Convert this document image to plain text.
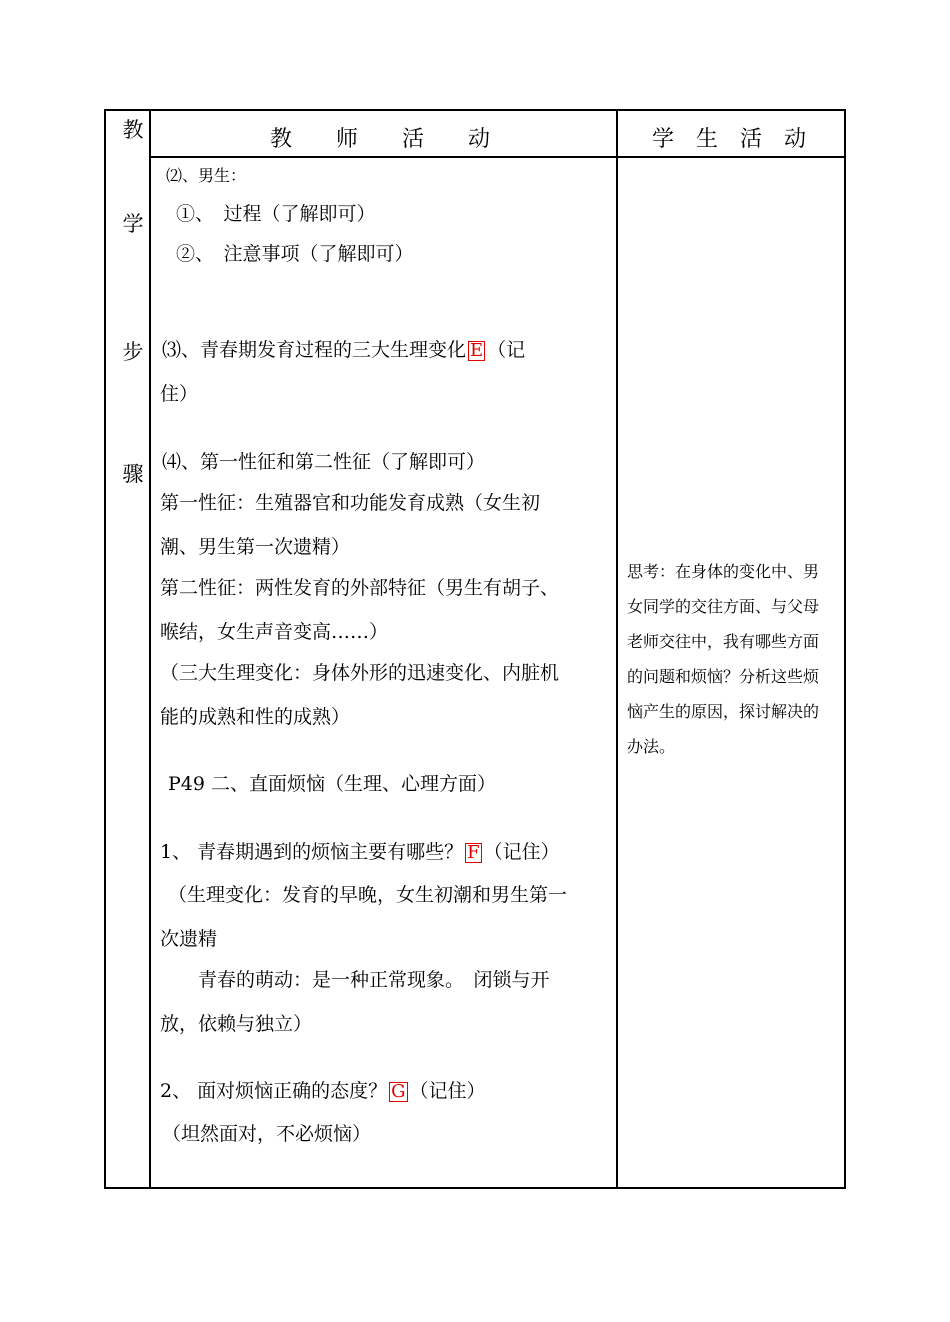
教
学
步
骤
教　　师　　活　　动	学　生　活　动
⑵、男生：
①、　过程（了解即可）
②、　注意事项（了解即可）
⑶、青春期发育过程的三大生理变化 E （记
住）
⑷、第一性征和第二性征（了解即可）
第一性征：生殖器官和功能发育成熟（女生初
潮、男生第一次遗精）
第二性征：两性发育的外部特征（男生有胡子、
喉结，女生声音变高……）
（三大生理变化：身体外形的迅速变化、内脏机
能的成熟和性的成熟）
P49 二、直面烦恼（生理、心理方面）
1、 青春期遇到的烦恼主要有哪些？ F （记住）
（生理变化：发育的早晚，女生初潮和男生第一
次遗精
青春的萌动：是一种正常现象。　闭锁与开
放，依赖与独立）
2、 面对烦恼正确的态度？ G （记住）
（坦然面对，不必烦恼）
思考：在身体的变化中、男
女同学的交往方面、与父母
老师交往中，我有哪些方面
的问题和烦恼？分析这些烦
恼产生的原因，探讨解决的
办法。
